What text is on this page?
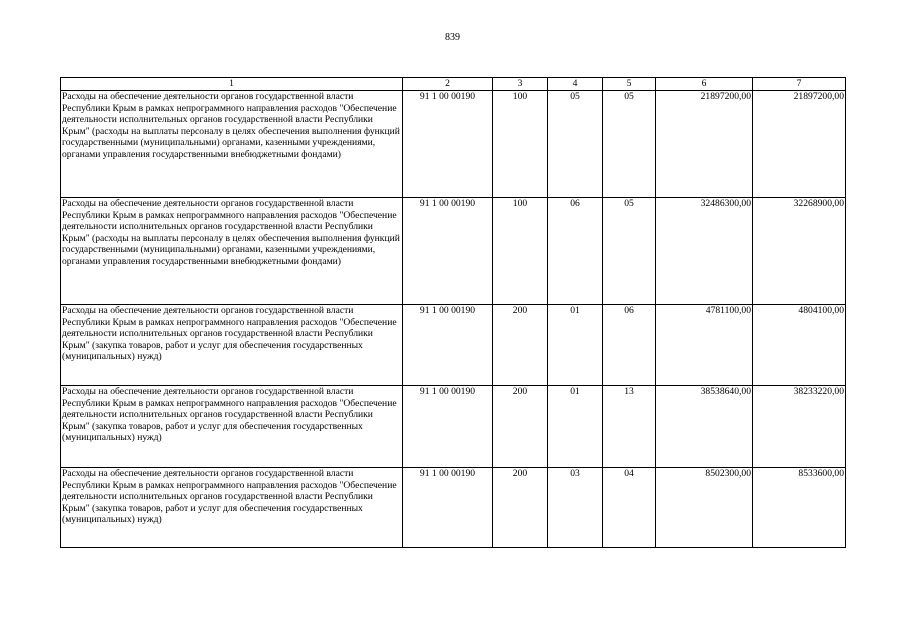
839
1	2	3	4	5	6	7
Расходы на обеспечение деятельности органов государственной власти Республики Крым в рамках непрограммного направления расходов "Обеспечение деятельности исполнительных органов государственной власти Республики Крым" (расходы на выплаты персоналу в целях обеспечения выполнения функций государственными (муниципальными) органами, казенными учреждениями, органами управления государственными внебюджетными фондами)	91 1 00 00190	100	05	05	21897200,00	21897200,00
Расходы на обеспечение деятельности органов государственной власти Республики Крым в рамках непрограммного направления расходов "Обеспечение деятельности исполнительных органов государственной власти Республики Крым" (расходы на выплаты персоналу в целях обеспечения выполнения функций государственными (муниципальными) органами, казенными учреждениями, органами управления государственными внебюджетными фондами)	91 1 00 00190	100	06	05	32486300,00	32268900,00
Расходы на обеспечение деятельности органов государственной власти Республики Крым в рамках непрограммного направления расходов "Обеспечение деятельности исполнительных органов государственной власти Республики Крым" (закупка товаров, работ и услуг для обеспечения государственных (муниципальных) нужд)	91 1 00 00190	200	01	06	4781100,00	4804100,00
Расходы на обеспечение деятельности органов государственной власти Республики Крым в рамках непрограммного направления расходов "Обеспечение деятельности исполнительных органов государственной власти Республики Крым" (закупка товаров, работ и услуг для обеспечения государственных (муниципальных) нужд)	91 1 00 00190	200	01	13	38538640,00	38233220,00
Расходы на обеспечение деятельности органов государственной власти Республики Крым в рамках непрограммного направления расходов "Обеспечение деятельности исполнительных органов государственной власти Республики Крым" (закупка товаров, работ и услуг для обеспечения государственных (муниципальных) нужд)	91 1 00 00190	200	03	04	8502300,00	8533600,00
